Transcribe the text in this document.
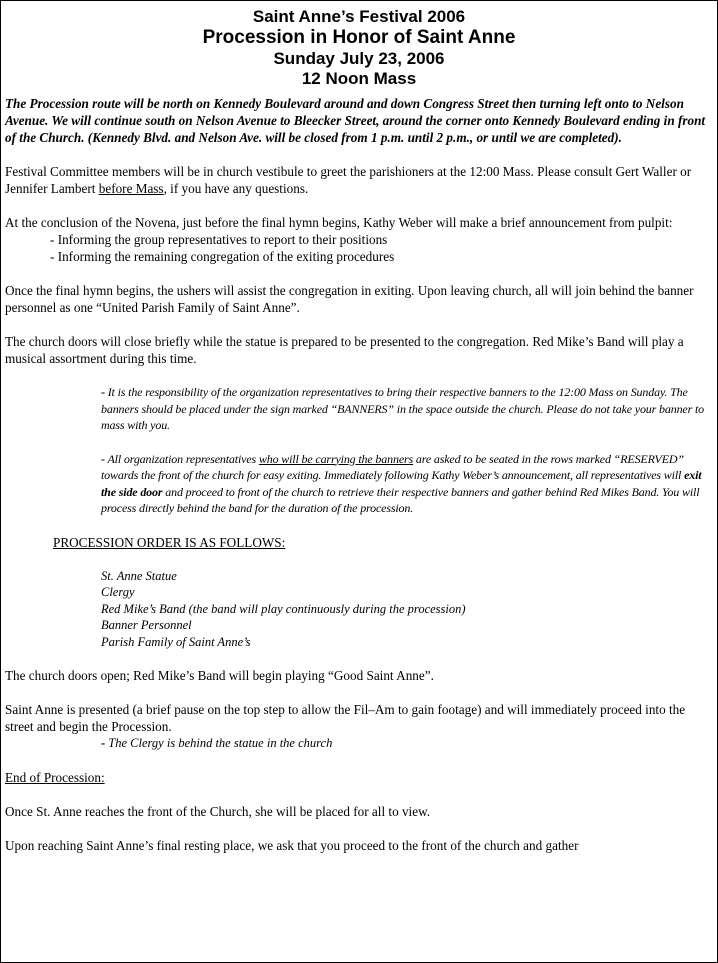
Saint Anne’s Festival 2006
Procession in Honor of Saint Anne
Sunday July 23, 2006
12 Noon Mass

The Procession route will be north on Kennedy Boulevard around and down Congress Street then turning left onto to Nelson Avenue. We will continue south on Nelson Avenue to Bleecker Street, around the corner onto Kennedy Boulevard ending in front of the Church. (Kennedy Blvd. and Nelson Ave. will be closed from 1 p.m. until 2 p.m., or until we are completed).

Festival Committee members will be in church vestibule to greet the parishioners at the 12:00 Mass. Please consult Gert Waller or Jennifer Lambert before Mass, if you have any questions.

At the conclusion of the Novena, just before the final hymn begins, Kathy Weber will make a brief announcement from pulpit:

- Informing the group representatives to report to their positions

- Informing the remaining congregation of the exiting procedures

Once the final hymn begins, the ushers will assist the congregation in exiting. Upon leaving church, all will join behind the banner personnel as one “United Parish Family of Saint Anne”.

The church doors will close briefly while the statue is prepared to be presented to the congregation. Red Mike’s Band will play a musical assortment during this time.

- It is the responsibility of the organization representatives to bring their respective banners to the 12:00 Mass on Sunday. The banners should be placed under the sign marked “BANNERS” in the space outside the church. Please do not take your banner to mass with you.

- All organization representatives who will be carrying the banners are asked to be seated in the rows marked “RESERVED” towards the front of the church for easy exiting. Immediately following Kathy Weber’s announcement, all representatives will exit the side door and proceed to front of the church to retrieve their respective banners and gather behind Red Mikes Band. You will process directly behind the band for the duration of the procession.

PROCESSION ORDER IS AS FOLLOWS:

St. Anne Statue

Clergy

Red Mike’s Band (the band will play continuously during the procession)

Banner Personnel

Parish Family of Saint Anne’s

The church doors open; Red Mike’s Band will begin playing “Good Saint Anne”.

Saint Anne is presented (a brief pause on the top step to allow the Fil–Am to gain footage) and will immediately proceed into the street and begin the Procession.

- The Clergy is behind the statue in the church

End of Procession:

Once St. Anne reaches the front of the Church, she will be placed for all to view.

Upon reaching Saint Anne’s final resting place, we ask that you proceed to the front of the church and gather
